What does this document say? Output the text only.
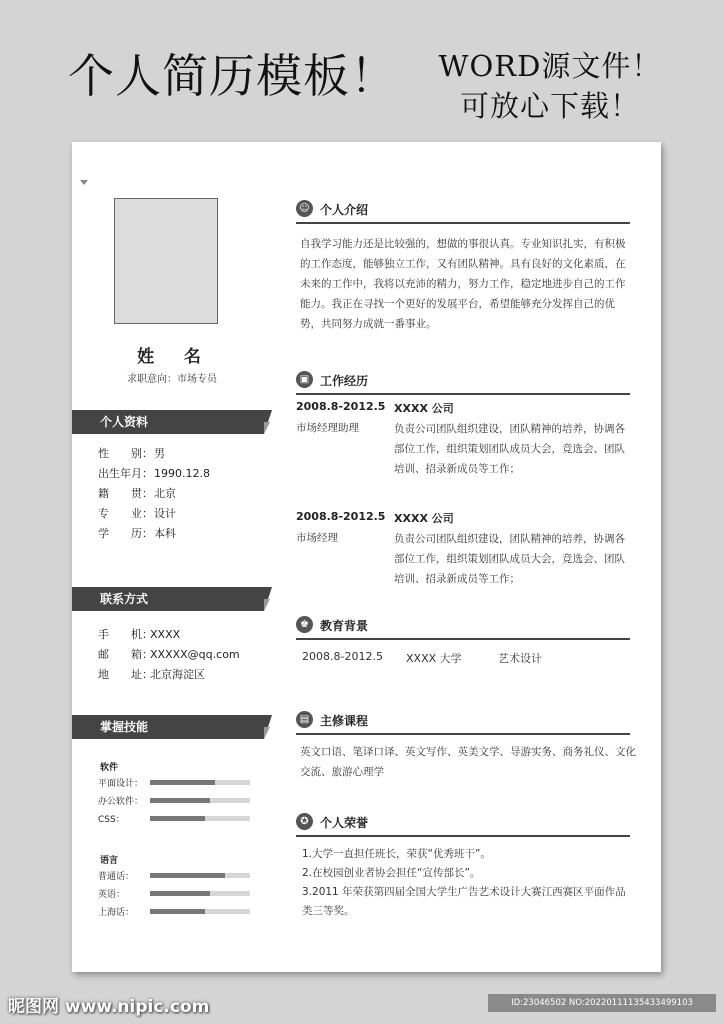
个人简历模板！	WORD源文件！
可放心下载！
姓  名
求职意向：市场专员
个人资料
性　　别： 男
出生年月： 1990.12.8
籍　　贯： 北京
专　　业： 设计
学　　历： 本科
联系方式
手　　机：
XXXX
邮　　箱：
XXXXX@qq.com
地　　址：
北京海淀区
掌握技能
软件
平面设计：
办公软件：
CSS：
语言
普通话：
英语：
上海话：
☺ 个人介绍
自我学习能力还是比较强的，想做的事很认真。专业知识扎实，有积极的工作态度，能够独立工作，又有团队精神。具有良好的文化素质，在未来的工作中，我将以充沛的精力，努力工作，稳定地进步自己的工作能力。我正在寻找一个更好的发展平台，希望能够充分发挥自己的优势，共同努力成就一番事业。
▣ 工作经历
2008.8-2012.5
市场经理助理
XXXX 公司
负责公司团队组织建设，团队精神的培养，协调各部位工作，组织策划团队成员大会，竞选会、团队培训、招录新成员等工作；
2008.8-2012.5
市场经理
XXXX 公司
负责公司团队组织建设，团队精神的培养，协调各部位工作，组织策划团队成员大会，竞选会、团队培训、招录新成员等工作；
♚ 教育背景
2008.8-2012.5 XXXX 大学	艺术设计
▤ 主修课程
英文口语、笔译口译、英文写作、英美文学、导游实务、商务礼仪、文化交流、旅游心理学
✪ 个人荣誉
1.大学一直担任班长，荣获“优秀班干”。
2.在校园创业者协会担任“宣传部长”。
3.2011 年荣获第四届全国大学生广告艺术设计大赛江西赛区平面作品类三等奖。
昵图网 www.nipic.com	ID:23046502 NO:20220111135433499103
